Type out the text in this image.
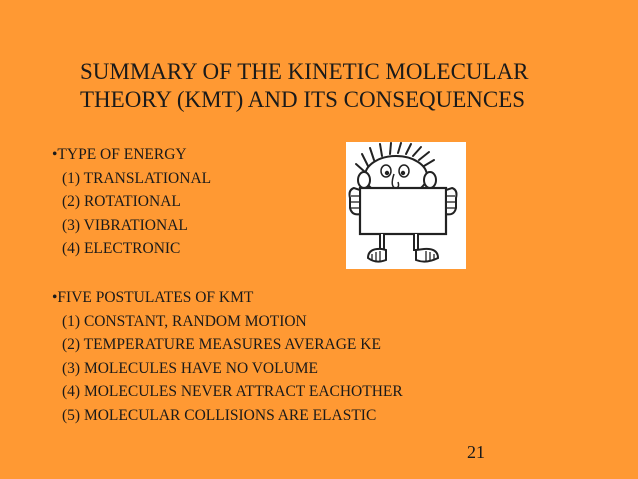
SUMMARY OF THE KINETIC MOLECULAR
THEORY (KMT) AND ITS CONSEQUENCES
•TYPE OF ENERGY
(1) TRANSLATIONAL
(2) ROTATIONAL
(3) VIBRATIONAL
(4) ELECTRONIC
•FIVE POSTULATES OF KMT
(1) CONSTANT, RANDOM MOTION
(2) TEMPERATURE MEASURES AVERAGE KE
(3) MOLECULES HAVE NO VOLUME
(4) MOLECULES NEVER ATTRACT EACHOTHER
(5) MOLECULAR COLLISIONS ARE ELASTIC
21
